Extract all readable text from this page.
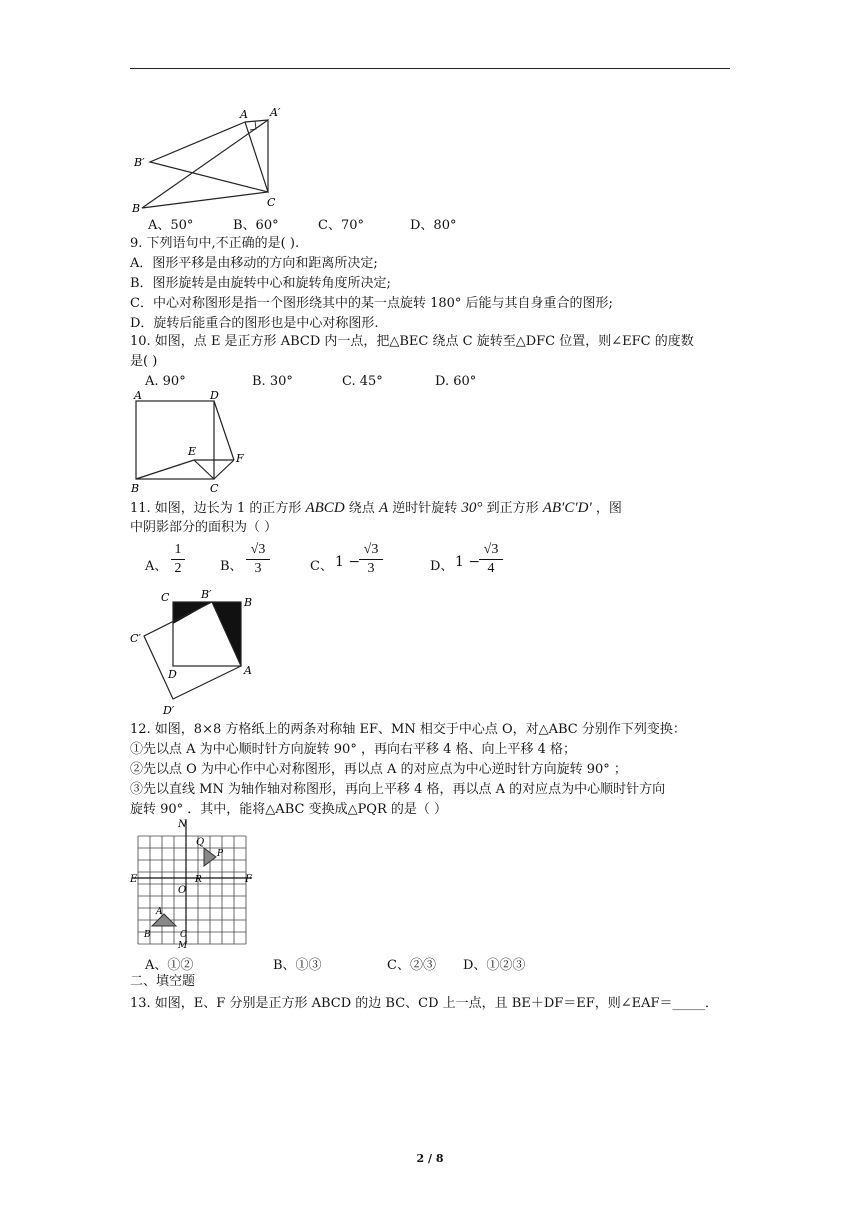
A A′
B′
B	C
A、50°	B、60°	C、70°	D、80°
9. 下列语句中,不正确的是( ).
A．图形平移是由移动的方向和距离所决定;
B．图形旋转是由旋转中心和旋转角度所决定;
C．中心对称图形是指一个图形绕其中的某一点旋转 180° 后能与其自身重合的图形;
D．旋转后能重合的图形也是中心对称图形.
10. 如图，点 E 是正方形 ABCD 内一点，把△BEC 绕点 C 旋转至△DFC 位置，则∠EFC 的度数
是( )
A. 90°	B. 30°	C. 45°	D. 60°
A	D
E
F
B	C
11. 如图，边长为 1 的正方形 ABCD 绕点 A 逆时针旋转 30° 到正方形 AB′C′D′ ，图
中阴影部分的面积为（ ）
A、
1
2	B、
√3
3	C、 1 −
√3
3	D、 1 −
√3
4
C	B′
B
C′
D	A
D′
12. 如图，8×8 方格纸上的两条对称轴 EF、MN 相交于中心点 O，对△ABC 分别作下列变换：
①先以点 A 为中心顺时针方向旋转 90° ，再向右平移 4 格、向上平移 4 格；
②先以点 O 为中心作中心对称图形，再以点 A 的对应点为中心逆时针方向旋转 90° ；
③先以直线 MN 为轴作轴对称图形，再向上平移 4 格，再以点 A 的对应点为中心顺时针方向
旋转 90° ．其中，能将△ABC 变换成△PQR 的是（ ）
N
Q
P
E	R	F
O
A
B	C
M
A、①②	B、①③	C、②③ D、①②③
二、填空题
13. 如图，E、F 分别是正方形 ABCD 的边 BC、CD 上一点，且 BE＋DF＝EF，则∠EAF＝_____．
2 / 8
